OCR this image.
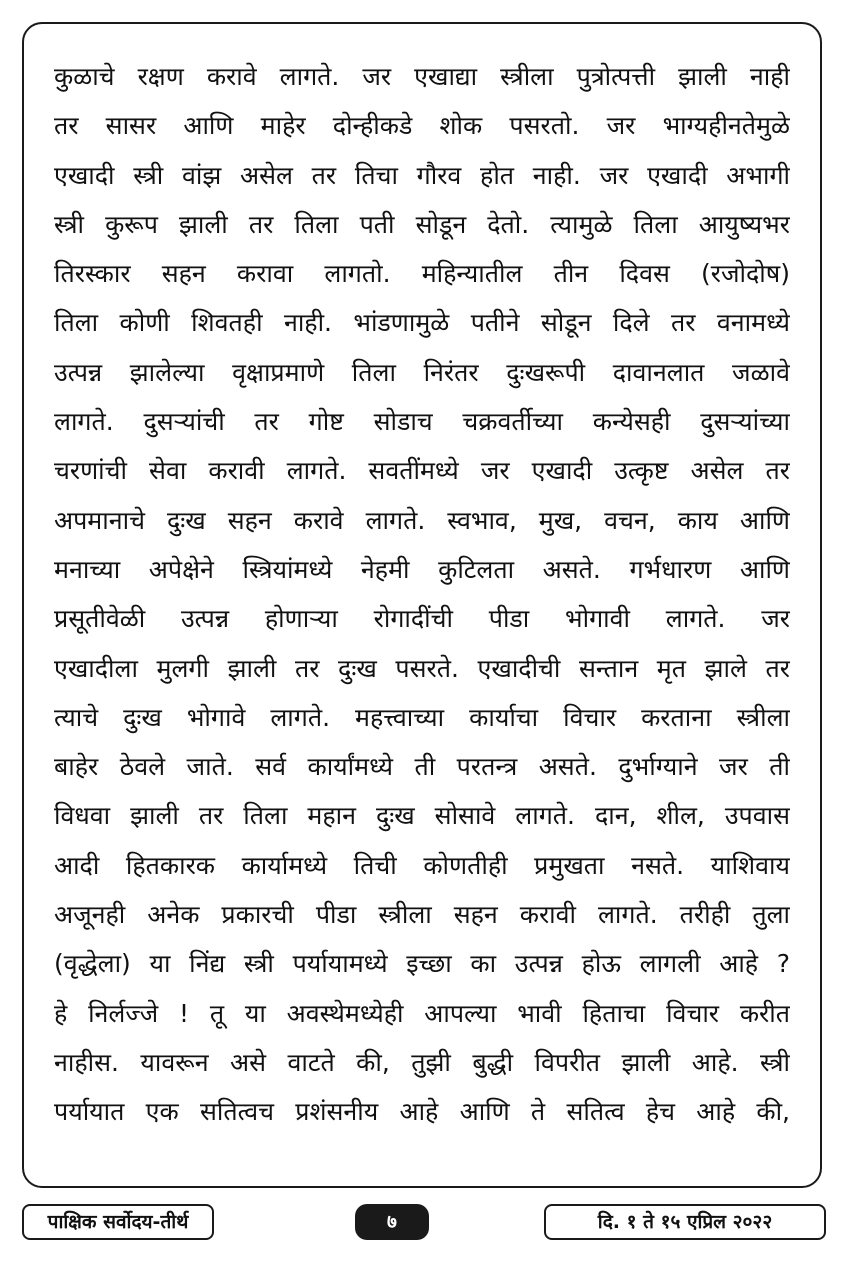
कुळाचे रक्षण करावे लागते. जर एखाद्या स्त्रीला पुत्रोत्पत्ती झाली नाही
तर सासर आणि माहेर दोन्हीकडे शोक पसरतो. जर भाग्यहीनतेमुळे
एखादी स्त्री वांझ असेल तर तिचा गौरव होत नाही. जर एखादी अभागी
स्त्री कुरूप झाली तर तिला पती सोडून देतो. त्यामुळे तिला आयुष्यभर
तिरस्कार सहन करावा लागतो. महिन्यातील तीन दिवस (रजोदोष)
तिला कोणी शिवतही नाही. भांडणामुळे पतीने सोडून दिले तर वनामध्ये
उत्पन्न झालेल्या वृक्षाप्रमाणे तिला निरंतर दुःखरूपी दावानलात जळावे
लागते. दुसऱ्यांची तर गोष्ट सोडाच चक्रवर्तीच्या कन्येसही दुसऱ्यांच्या
चरणांची सेवा करावी लागते. सवतींमध्ये जर एखादी उत्कृष्ट असेल तर
अपमानाचे दुःख सहन करावे लागते. स्वभाव, मुख, वचन, काय आणि
मनाच्या अपेक्षेने स्त्रियांमध्ये नेहमी कुटिलता असते. गर्भधारण आणि
प्रसूतीवेळी उत्पन्न होणाऱ्या रोगादींची पीडा भोगावी लागते. जर
एखादीला मुलगी झाली तर दुःख पसरते. एखादीची सन्तान मृत झाले तर
त्याचे दुःख भोगावे लागते. महत्त्वाच्या कार्याचा विचार करताना स्त्रीला
बाहेर ठेवले जाते. सर्व कार्यांमध्ये ती परतन्त्र असते. दुर्भाग्याने जर ती
विधवा झाली तर तिला महान दुःख सोसावे लागते. दान, शील, उपवास
आदी हितकारक कार्यामध्ये तिची कोणतीही प्रमुखता नसते. याशिवाय
अजूनही अनेक प्रकारची पीडा स्त्रीला सहन करावी लागते. तरीही तुला
(वृद्धेला) या निंद्य स्त्री पर्यायामध्ये इच्छा का उत्पन्न होऊ लागली आहे ?
हे निर्लज्जे ! तू या अवस्थेमध्येही आपल्या भावी हिताचा विचार करीत
नाहीस. यावरून असे वाटते की, तुझी बुद्धी विपरीत झाली आहे. स्त्री
पर्यायात एक सतित्वच प्रशंसनीय आहे आणि ते सतित्व हेच आहे की,
पाक्षिक सर्वोदय-तीर्थ	७	दि. १ ते १५ एप्रिल २०२२
